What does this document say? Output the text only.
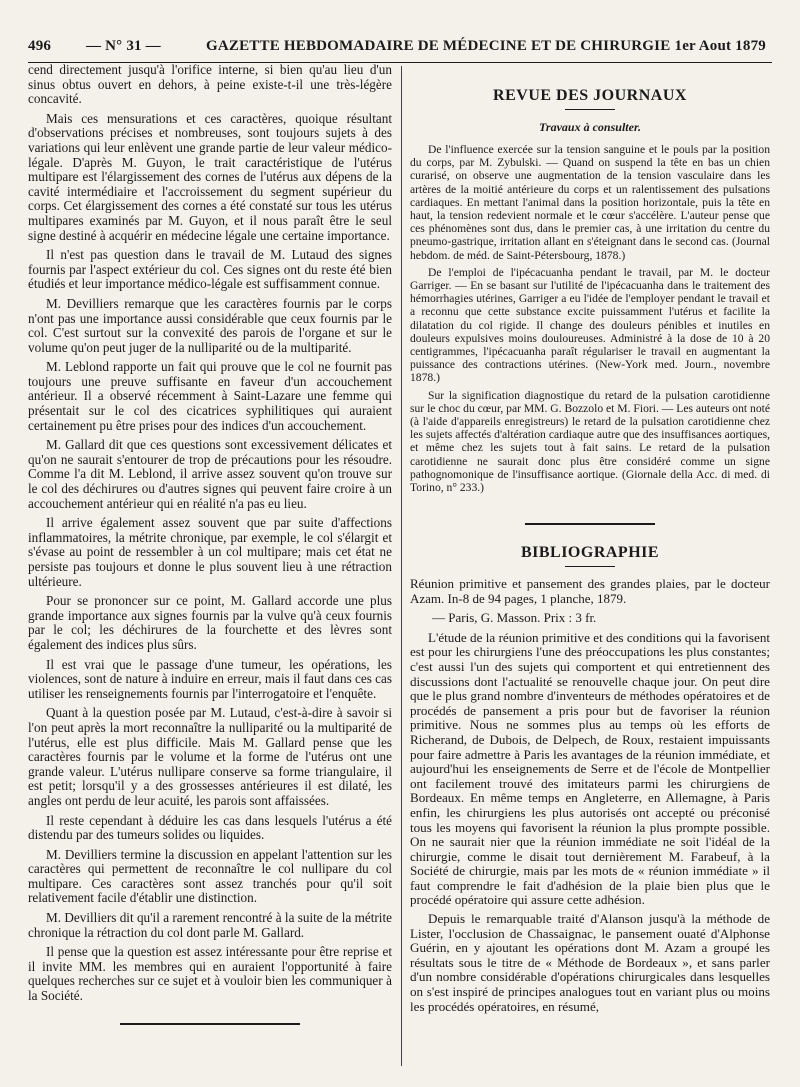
496 — N° 31 —	GAZETTE HEBDOMADAIRE DE MÉDECINE ET DE CHIRURGIE 1er Aout 1879

cend directement jusqu'à l'orifice interne, si bien qu'au lieu d'un sinus obtus ouvert en dehors, à peine existe-t-il une très-légère concavité.

Mais ces mensurations et ces caractères, quoique résultant d'observations précises et nombreuses, sont toujours sujets à des variations qui leur enlèvent une grande partie de leur valeur médico-légale. D'après M. Guyon, le trait caractéristique de l'utérus multipare est l'élargissement des cornes de l'utérus aux dépens de la cavité intermédiaire et l'accroissement du segment supérieur du corps. Cet élargissement des cornes a été constaté sur tous les utérus multipares examinés par M. Guyon, et il nous paraît être le seul signe destiné à acquérir en médecine légale une certaine importance.

Il n'est pas question dans le travail de M. Lutaud des signes fournis par l'aspect extérieur du col. Ces signes ont du reste été bien étudiés et leur importance médico-légale est suffisamment connue.

M. Devilliers remarque que les caractères fournis par le corps n'ont pas une importance aussi considérable que ceux fournis par le col. C'est surtout sur la convexité des parois de l'organe et sur le volume qu'on peut juger de la nulliparité ou de la multiparité.

M. Leblond rapporte un fait qui prouve que le col ne fournit pas toujours une preuve suffisante en faveur d'un accouchement antérieur. Il a observé récemment à Saint-Lazare une femme qui présentait sur le col des cicatrices syphilitiques qui auraient certainement pu être prises pour des indices d'un accouchement.

M. Gallard dit que ces questions sont excessivement délicates et qu'on ne saurait s'entourer de trop de précautions pour les résoudre. Comme l'a dit M. Leblond, il arrive assez souvent qu'on trouve sur le col des déchirures ou d'autres signes qui peuvent faire croire à un accouchement antérieur qui en réalité n'a pas eu lieu.

Il arrive également assez souvent que par suite d'affections inflammatoires, la métrite chronique, par exemple, le col s'élargit et s'évase au point de ressembler à un col multipare; mais cet état ne persiste pas toujours et donne le plus souvent lieu à une rétraction ultérieure.

Pour se prononcer sur ce point, M. Gallard accorde une plus grande importance aux signes fournis par la vulve qu'à ceux fournis par le col; les déchirures de la fourchette et des lèvres sont également des indices plus sûrs.

Il est vrai que le passage d'une tumeur, les opérations, les violences, sont de nature à induire en erreur, mais il faut dans ces cas utiliser les renseignements fournis par l'interrogatoire et l'enquête.

Quant à la question posée par M. Lutaud, c'est-à-dire à savoir si l'on peut après la mort reconnaître la nulliparité ou la multiparité de l'utérus, elle est plus difficile. Mais M. Gallard pense que les caractères fournis par le volume et la forme de l'utérus ont une grande valeur. L'utérus nullipare conserve sa forme triangulaire, il est petit; lorsqu'il y a des grossesses antérieures il est dilaté, les angles ont perdu de leur acuité, les parois sont affaissées.

Il reste cependant à déduire les cas dans lesquels l'utérus a été distendu par des tumeurs solides ou liquides.

M. Devilliers termine la discussion en appelant l'attention sur les caractères qui permettent de reconnaître le col nullipare du col multipare. Ces caractères sont assez tranchés pour qu'il soit relativement facile d'établir une distinction.

M. Devilliers dit qu'il a rarement rencontré à la suite de la métrite chronique la rétraction du col dont parle M. Gallard.

Il pense que la question est assez intéressante pour être reprise et il invite MM. les membres qui en auraient l'opportunité à faire quelques recherches sur ce sujet et à vouloir bien les communiquer à la Société.

REVUE DES JOURNAUX
Travaux à consulter.

De l'influence exercée sur la tension sanguine et le pouls par la position du corps, par M. Zybulski. — Quand on suspend la tête en bas un chien curarisé, on observe une augmentation de la tension vasculaire dans les artères de la moitié antérieure du corps et un ralentissement des pulsations cardiaques. En mettant l'animal dans la position horizontale, puis la tête en haut, la tension redevient normale et le cœur s'accélère. L'auteur pense que ces phénomènes sont dus, dans le premier cas, à une irritation du centre du pneumo-gastrique, irritation allant en s'éteignant dans le second cas. (Journal hebdom. de méd. de Saint-Pétersbourg, 1878.)

De l'emploi de l'ipécacuanha pendant le travail, par M. le docteur Garriger. — En se basant sur l'utilité de l'ipécacuanha dans le traitement des hémorrhagies utérines, Garriger a eu l'idée de l'employer pendant le travail et a reconnu que cette substance excite puissamment l'utérus et facilite la dilatation du col rigide. Il change des douleurs pénibles et inutiles en douleurs expulsives moins douloureuses. Administré à la dose de 10 à 20 centigrammes, l'ipécacuanha paraît régulariser le travail en augmentant la puissance des contractions utérines. (New-York med. Journ., novembre 1878.)

Sur la signification diagnostique du retard de la pulsation carotidienne sur le choc du cœur, par MM. G. Bozzolo et M. Fiori. — Les auteurs ont noté (à l'aide d'appareils enregistreurs) le retard de la pulsation carotidienne chez les sujets affectés d'altération cardiaque autre que des insuffisances aortiques, et même chez les sujets tout à fait sains. Le retard de la pulsation carotidienne ne saurait donc plus être considéré comme un signe pathognomonique de l'insuffisance aortique. (Giornale della Acc. di med. di Torino, n° 233.)

BIBLIOGRAPHIE

Réunion primitive et pansement des grandes plaies, par le docteur Azam. In-8 de 94 pages, 1 planche, 1879.

— Paris, G. Masson. Prix : 3 fr.

L'étude de la réunion primitive et des conditions qui la favorisent est pour les chirurgiens l'une des préoccupations les plus constantes; c'est aussi l'un des sujets qui comportent et qui entretiennent des discussions dont l'actualité se renouvelle chaque jour. On peut dire que le plus grand nombre d'inventeurs de méthodes opératoires et de procédés de pansement a pris pour but de favoriser la réunion primitive. Nous ne sommes plus au temps où les efforts de Richerand, de Dubois, de Delpech, de Roux, restaient impuissants pour faire admettre à Paris les avantages de la réunion immédiate, et aujourd'hui les enseignements de Serre et de l'école de Montpellier ont facilement trouvé des imitateurs parmi les chirurgiens de Bordeaux. En même temps en Angleterre, en Allemagne, à Paris enfin, les chirurgiens les plus autorisés ont accepté ou préconisé tous les moyens qui favorisent la réunion la plus prompte possible. On ne saurait nier que la réunion immédiate ne soit l'idéal de la chirurgie, comme le disait tout dernièrement M. Farabeuf, à la Société de chirurgie, mais par les mots de « réunion immédiate » il faut comprendre le fait d'adhésion de la plaie bien plus que le procédé opératoire qui assure cette adhésion.

Depuis le remarquable traité d'Alanson jusqu'à la méthode de Lister, l'occlusion de Chassaignac, le pansement ouaté d'Alphonse Guérin, en y ajoutant les opérations dont M. Azam a groupé les résultats sous le titre de « Méthode de Bordeaux », et sans parler d'un nombre considérable d'opérations chirurgicales dans lesquelles on s'est inspiré de principes analogues tout en variant plus ou moins les procédés opératoires, en résumé,
